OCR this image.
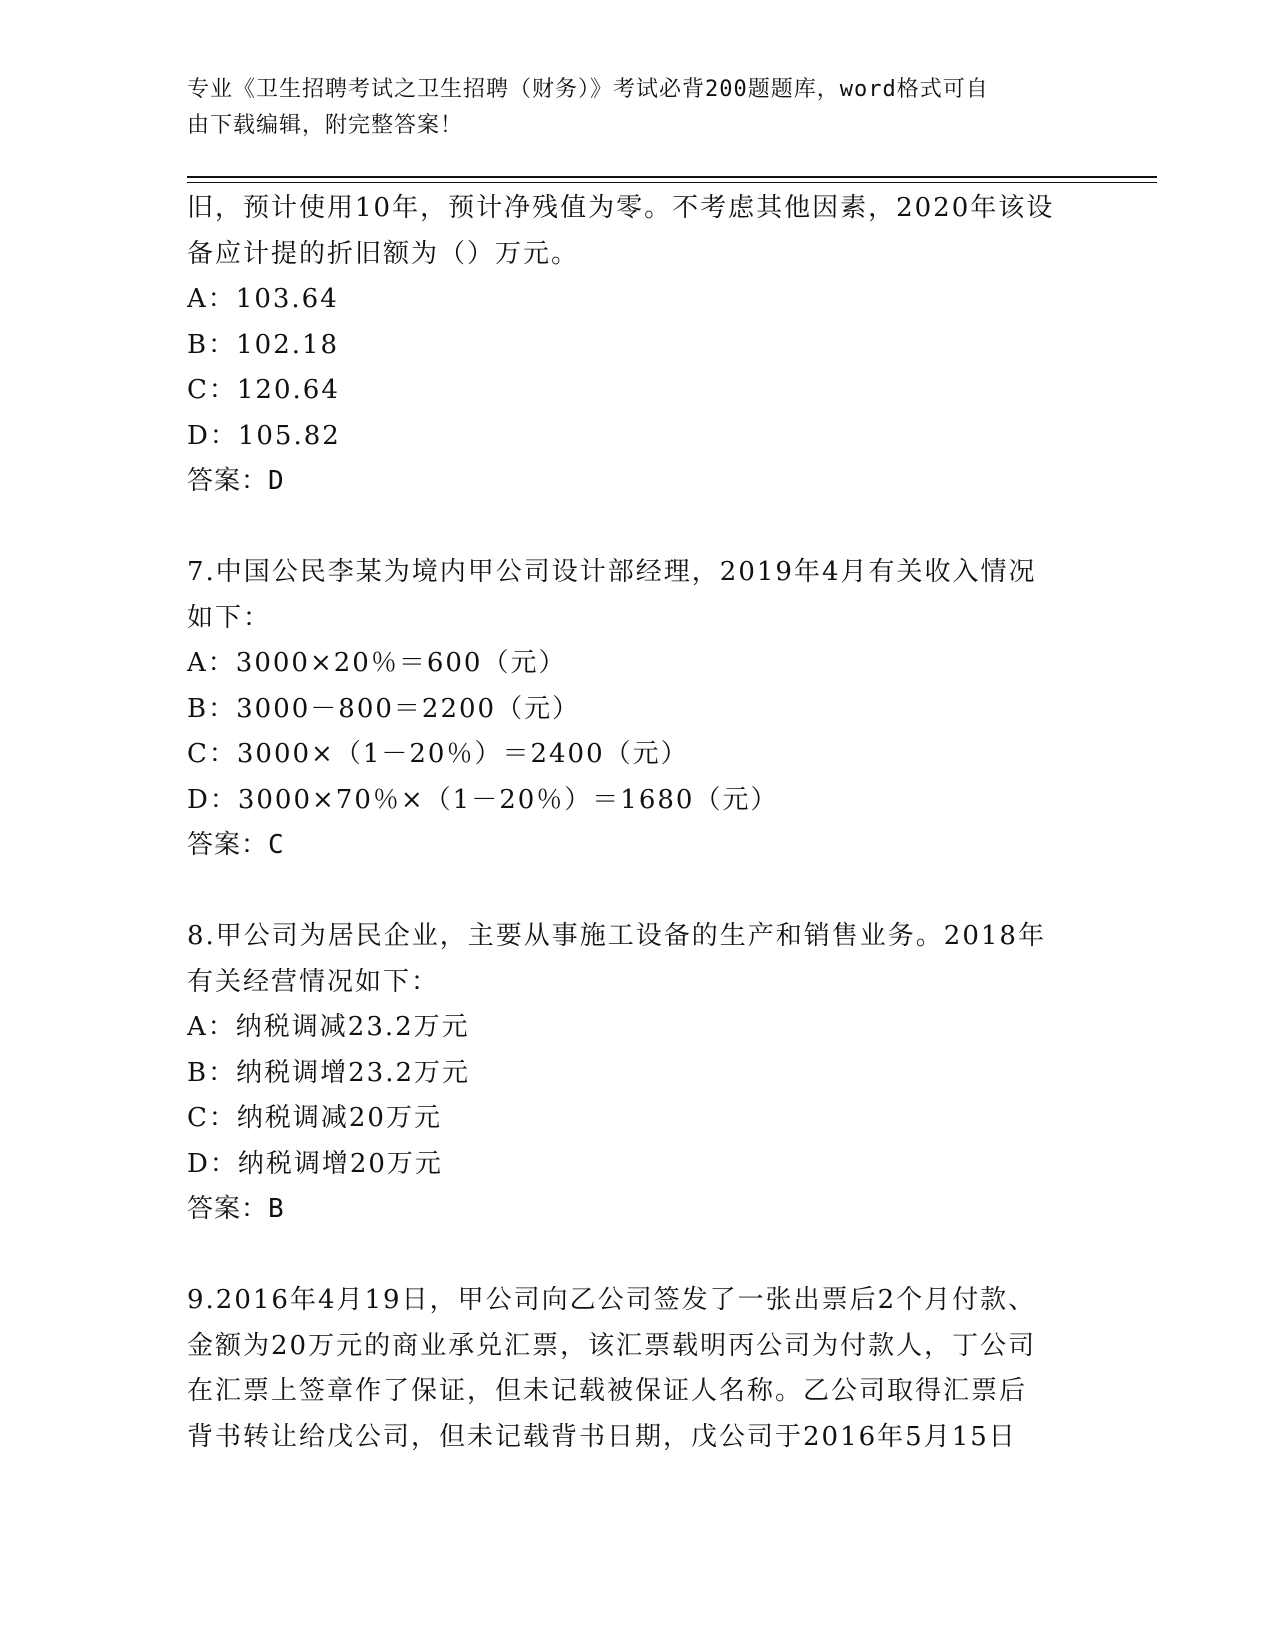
专业《卫生招聘考试之卫生招聘（财务）》考试必背200题题库，word格式可自
由下载编辑，附完整答案！
旧，预计使用10年，预计净残值为零。不考虑其他因素，2020年该设
备应计提的折旧额为（）万元。
A：103.64
B：102.18
C：120.64
D：105.82
答案：D
7.中国公民李某为境内甲公司设计部经理，2019年4月有关收入情况
如下：
A：3000×20％＝600（元）
B：3000－800＝2200（元）
C：3000×（1－20％）＝2400（元）
D：3000×70％×（1－20％）＝1680（元）
答案：C
8.甲公司为居民企业，主要从事施工设备的生产和销售业务。2018年
有关经营情况如下：
A：纳税调减23.2万元
B：纳税调增23.2万元
C：纳税调减20万元
D：纳税调增20万元
答案：B
9.2016年4月19日，甲公司向乙公司签发了一张出票后2个月付款、
金额为20万元的商业承兑汇票，该汇票载明丙公司为付款人，丁公司
在汇票上签章作了保证，但未记载被保证人名称。乙公司取得汇票后
背书转让给戊公司，但未记载背书日期，戊公司于2016年5月15日
